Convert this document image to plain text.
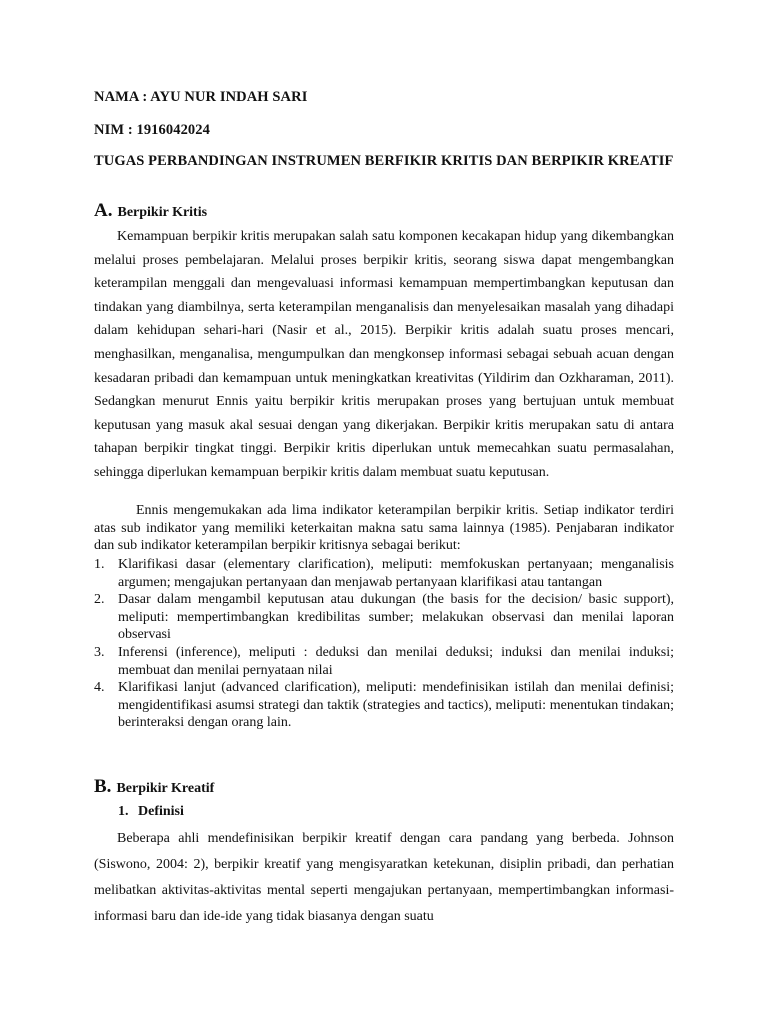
NAMA : AYU NUR INDAH SARI
NIM : 1916042024
TUGAS PERBANDINGAN INSTRUMEN BERFIKIR KRITIS DAN BERPIKIR KREATIF
A. Berpikir Kritis

Kemampuan berpikir kritis merupakan salah satu komponen kecakapan hidup yang dikembangkan melalui proses pembelajaran. Melalui proses berpikir kritis, seorang siswa dapat mengembangkan keterampilan menggali dan mengevaluasi informasi kemampuan mempertimbangkan keputusan dan tindakan yang diambilnya, serta keterampilan menganalisis dan menyelesaikan masalah yang dihadapi dalam kehidupan sehari-hari (Nasir et al., 2015). Berpikir kritis adalah suatu proses mencari, menghasilkan, menganalisa, mengumpulkan dan mengkonsep informasi sebagai sebuah acuan dengan kesadaran pribadi dan kemampuan untuk meningkatkan kreativitas (Yildirim dan Ozkharaman, 2011). Sedangkan menurut Ennis yaitu berpikir kritis merupakan proses yang bertujuan untuk membuat keputusan yang masuk akal sesuai dengan yang dikerjakan. Berpikir kritis merupakan satu di antara tahapan berpikir tingkat tinggi. Berpikir kritis diperlukan untuk memecahkan suatu permasalahan, sehingga diperlukan kemampuan berpikir kritis dalam membuat suatu keputusan.

Ennis mengemukakan ada lima indikator keterampilan berpikir kritis. Setiap indikator terdiri atas sub indikator yang memiliki keterkaitan makna satu sama lainnya (1985). Penjabaran indikator dan sub indikator keterampilan berpikir kritisnya sebagai berikut:

1. Klarifikasi dasar (elementary clarification), meliputi: memfokuskan pertanyaan; menganalisis argumen; mengajukan pertanyaan dan menjawab pertanyaan klarifikasi atau tantangan
2. Dasar dalam mengambil keputusan atau dukungan (the basis for the decision/ basic support), meliputi: mempertimbangkan kredibilitas sumber; melakukan observasi dan menilai laporan observasi
3. Inferensi (inference), meliputi : deduksi dan menilai deduksi; induksi dan menilai induksi; membuat dan menilai pernyataan nilai
4. Klarifikasi lanjut (advanced clarification), meliputi: mendefinisikan istilah dan menilai definisi; mengidentifikasi asumsi strategi dan taktik (strategies and tactics), meliputi: menentukan tindakan; berinteraksi dengan orang lain.
B. Berpikir Kreatif
1. Definisi

Beberapa ahli mendefinisikan berpikir kreatif dengan cara pandang yang berbeda. Johnson (Siswono, 2004: 2), berpikir kreatif yang mengisyaratkan ketekunan, disiplin pribadi, dan perhatian melibatkan aktivitas-aktivitas mental seperti mengajukan pertanyaan, mempertimbangkan informasi-informasi baru dan ide-ide yang tidak biasanya dengan suatu
